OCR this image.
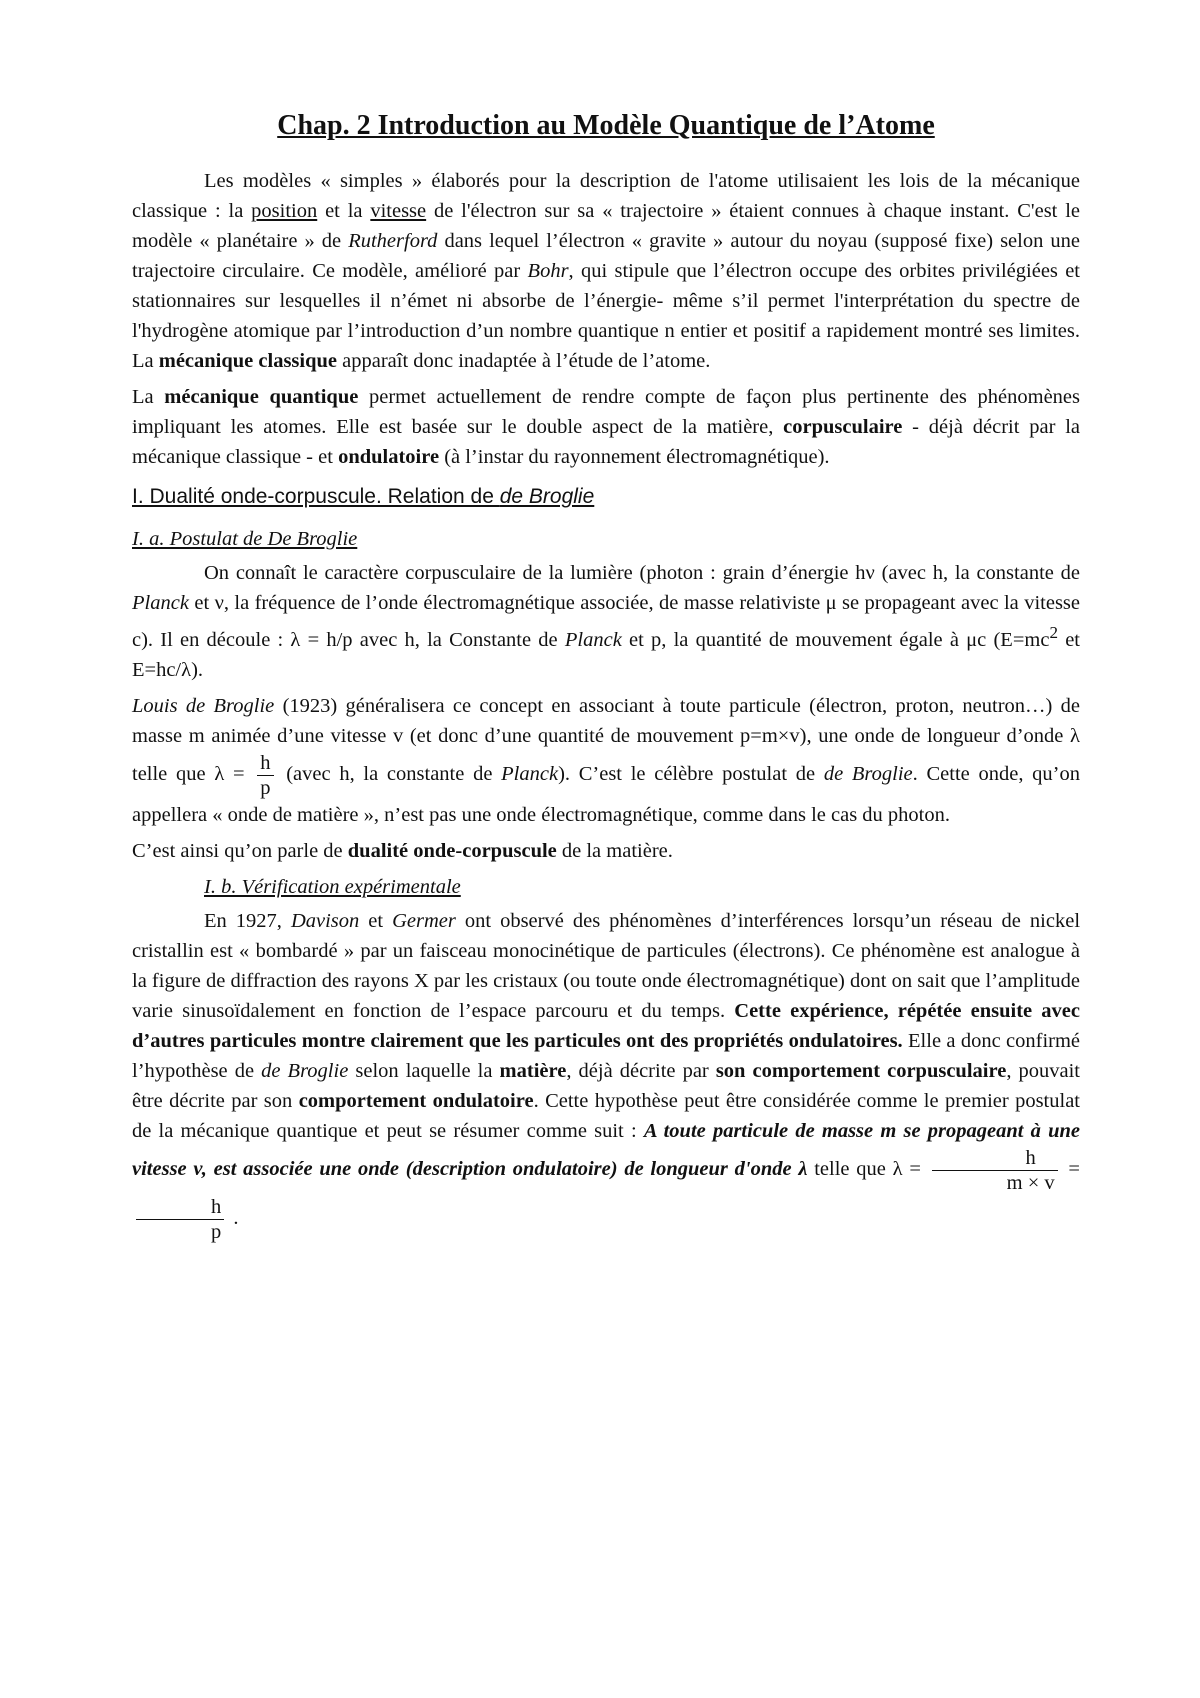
Chap. 2 Introduction au Modèle Quantique de l’Atome

Les modèles « simples » élaborés pour la description de l'atome utilisaient les lois de la mécanique classique : la position et la vitesse de l'électron sur sa « trajectoire » étaient connues à chaque instant. C'est le modèle « planétaire » de Rutherford dans lequel l’électron « gravite » autour du noyau (supposé fixe) selon une trajectoire circulaire. Ce modèle, amélioré par Bohr, qui stipule que l’électron occupe des orbites privilégiées et stationnaires sur lesquelles il n’émet ni absorbe de l’énergie- même s’il permet l'interprétation du spectre de l'hydrogène atomique par l’introduction d’un nombre quantique n entier et positif a rapidement montré ses limites. La mécanique classique apparaît donc inadaptée à l’étude de l’atome.

La mécanique quantique permet actuellement de rendre compte de façon plus pertinente des phénomènes impliquant les atomes. Elle est basée sur le double aspect de la matière, corpusculaire - déjà décrit par la mécanique classique - et ondulatoire (à l’instar du rayonnement électromagnétique).

I. Dualité onde-corpuscule. Relation de de Broglie
I. a. Postulat de De Broglie

On connaît le caractère corpusculaire de la lumière (photon : grain d’énergie hν (avec h, la constante de Planck et ν, la fréquence de l’onde électromagnétique associée, de masse relativiste μ se propageant avec la vitesse c). Il en découle : λ = h/p avec h, la Constante de Planck et p, la quantité de mouvement égale à μc ($E=mc^2$ et E=hc/λ).

Louis de Broglie (1923) généralisera ce concept en associant à toute particule (électron, proton, neutron…) de masse m animée d’une vitesse v (et donc d’une quantité de mouvement p=m×v), une onde de longueur d’onde λ telle que $\lambda = \frac{h}{p}$ (avec h, la constante de Planck). C’est le célèbre postulat de de Broglie. Cette onde, qu’on appellera « onde de matière », n’est pas une onde électromagnétique, comme dans le cas du photon.

C’est ainsi qu’on parle de dualité onde-corpuscule de la matière.

I. b. Vérification expérimentale

En 1927, Davison et Germer ont observé des phénomènes d’interférences lorsqu’un réseau de nickel cristallin est « bombardé » par un faisceau monocinétique de particules (électrons). Ce phénomène est analogue à la figure de diffraction des rayons X par les cristaux (ou toute onde électromagnétique) dont on sait que l’amplitude varie sinusoïdalement en fonction de l’espace parcouru et du temps. Cette expérience, répétée ensuite avec d’autres particules montre clairement que les particules ont des propriétés ondulatoires. Elle a donc confirmé l’hypothèse de de Broglie selon laquelle la matière, déjà décrite par son comportement corpusculaire, pouvait être décrite par son comportement ondulatoire. Cette hypothèse peut être considérée comme le premier postulat de la mécanique quantique et peut se résumer comme suit : A toute particule de masse m se propageant à une vitesse v, est associée une onde (description ondulatoire) de longueur d'onde λ telle que $\lambda = \frac{h}{m \times v}$ =
$\frac{h}{p}$ .
